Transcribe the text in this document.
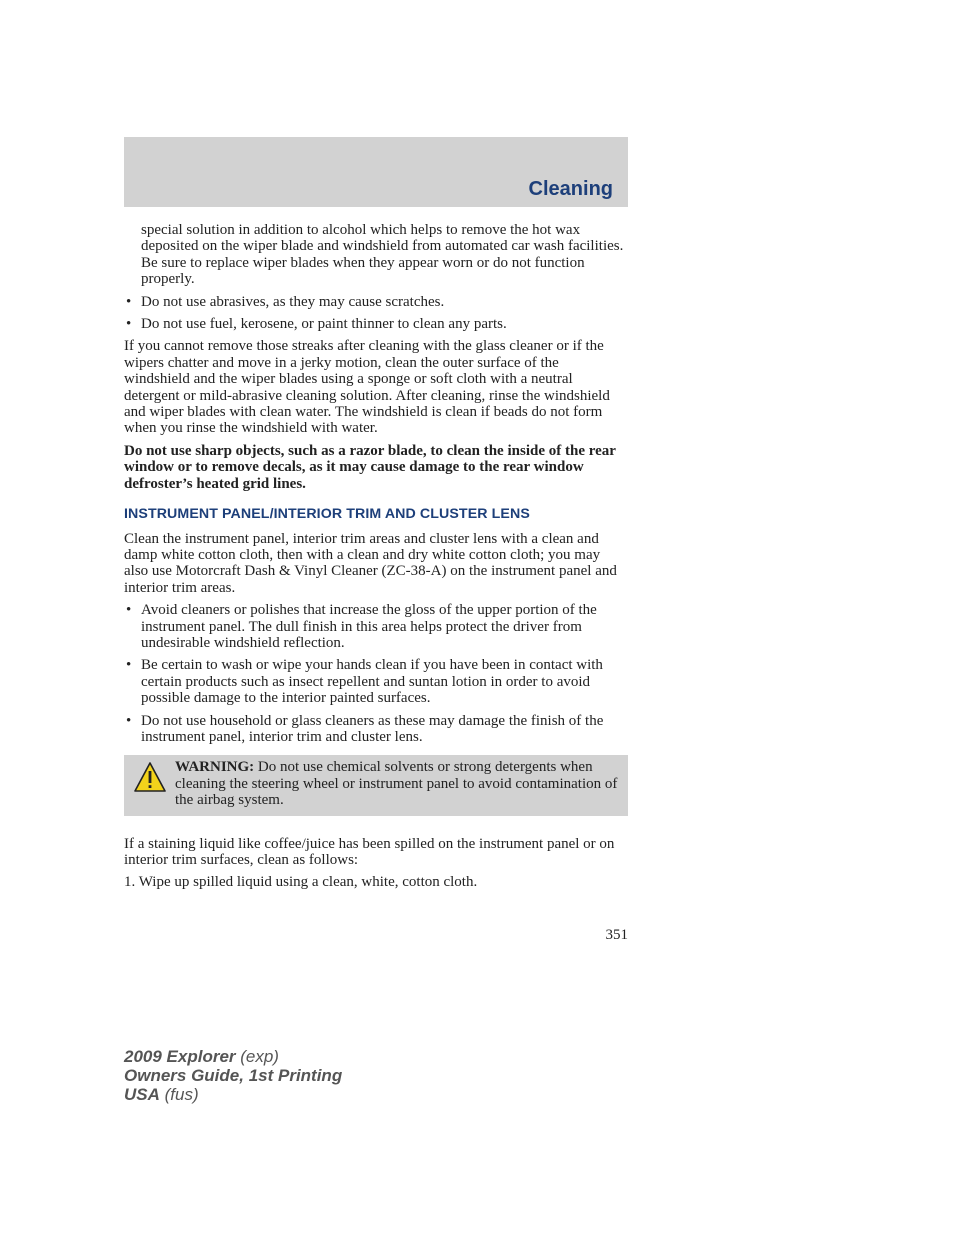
Cleaning

special solution in addition to alcohol which helps to remove the hot wax deposited on the wiper blade and windshield from automated car wash facilities. Be sure to replace wiper blades when they appear worn or do not function properly.

• Do not use abrasives, as they may cause scratches.
• Do not use fuel, kerosene, or paint thinner to clean any parts.

If you cannot remove those streaks after cleaning with the glass cleaner or if the wipers chatter and move in a jerky motion, clean the outer surface of the windshield and the wiper blades using a sponge or soft cloth with a neutral detergent or mild-abrasive cleaning solution. After cleaning, rinse the windshield and wiper blades with clean water. The windshield is clean if beads do not form when you rinse the windshield with water.

Do not use sharp objects, such as a razor blade, to clean the inside of the rear window or to remove decals, as it may cause damage to the rear window defroster’s heated grid lines.

INSTRUMENT PANEL/INTERIOR TRIM AND CLUSTER LENS

Clean the instrument panel, interior trim areas and cluster lens with a clean and damp white cotton cloth, then with a clean and dry white cotton cloth; you may also use Motorcraft Dash & Vinyl Cleaner (ZC-38-A) on the instrument panel and interior trim areas.

• Avoid cleaners or polishes that increase the gloss of the upper portion of the instrument panel. The dull finish in this area helps protect the driver from undesirable windshield reflection.
• Be certain to wash or wipe your hands clean if you have been in contact with certain products such as insect repellent and suntan lotion in order to avoid possible damage to the interior painted surfaces.
• Do not use household or glass cleaners as these may damage the finish of the instrument panel, interior trim and cluster lens.
WARNING: Do not use chemical solvents or strong detergents when cleaning the steering wheel or instrument panel to avoid contamination of the airbag system.

If a staining liquid like coffee/juice has been spilled on the instrument panel or on interior trim surfaces, clean as follows:

1. Wipe up spilled liquid using a clean, white, cotton cloth.

351
2009 Explorer (exp)
Owners Guide, 1st Printing
USA (fus)
